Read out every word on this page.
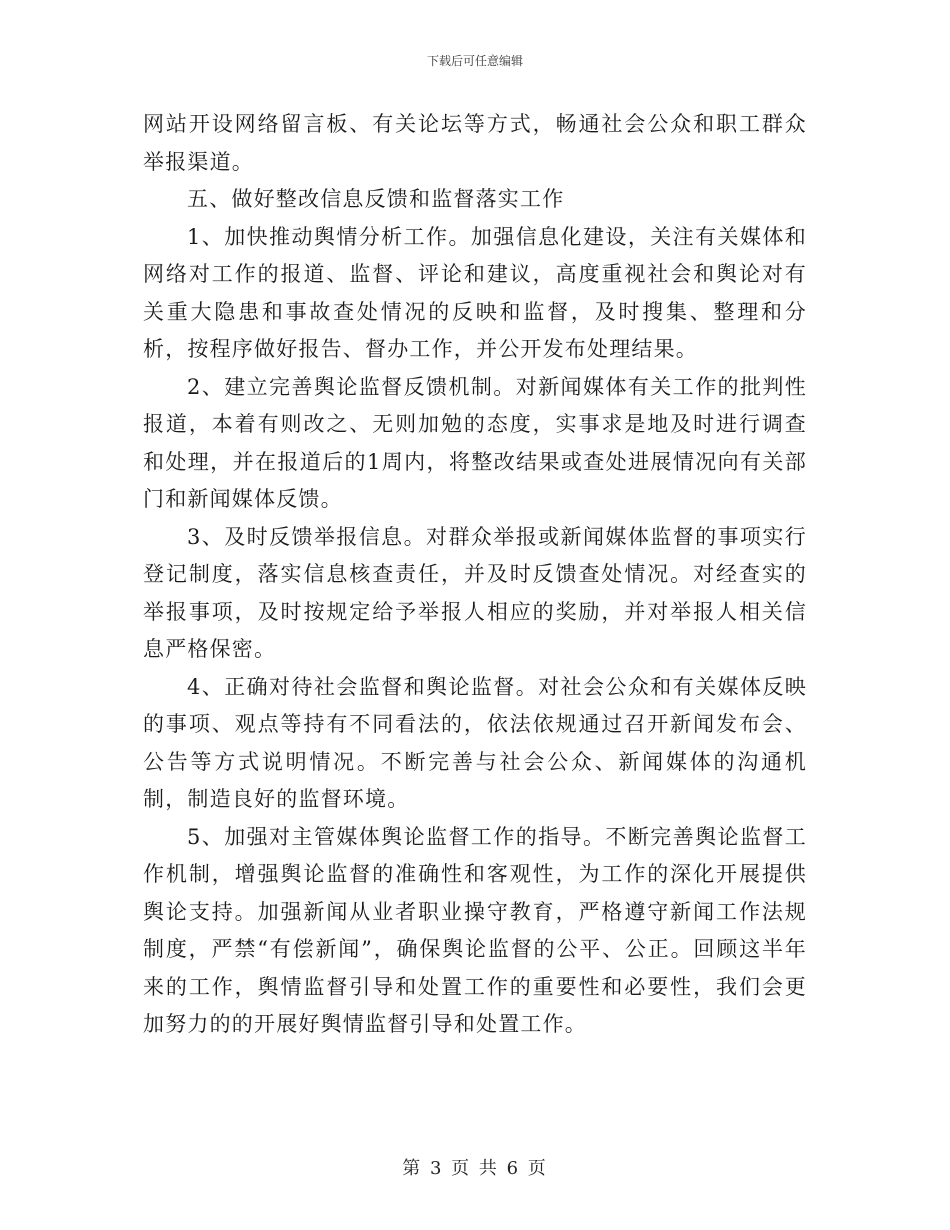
下载后可任意编辑

网站开设网络留言板、有关论坛等方式，畅通社会公众和职工群众举报渠道。

五、做好整改信息反馈和监督落实工作

1、加快推动舆情分析工作。加强信息化建设，关注有关媒体和网络对工作的报道、监督、评论和建议，高度重视社会和舆论对有关重大隐患和事故查处情况的反映和监督，及时搜集、整理和分析，按程序做好报告、督办工作，并公开发布处理结果。

2、建立完善舆论监督反馈机制。对新闻媒体有关工作的批判性报道，本着有则改之、无则加勉的态度，实事求是地及时进行调查和处理，并在报道后的1周内，将整改结果或查处进展情况向有关部门和新闻媒体反馈。

3、及时反馈举报信息。对群众举报或新闻媒体监督的事项实行登记制度，落实信息核查责任，并及时反馈查处情况。对经查实的举报事项，及时按规定给予举报人相应的奖励，并对举报人相关信息严格保密。

4、正确对待社会监督和舆论监督。对社会公众和有关媒体反映的事项、观点等持有不同看法的，依法依规通过召开新闻发布会、公告等方式说明情况。不断完善与社会公众、新闻媒体的沟通机制，制造良好的监督环境。

5、加强对主管媒体舆论监督工作的指导。不断完善舆论监督工作机制，增强舆论监督的准确性和客观性，为工作的深化开展提供舆论支持。加强新闻从业者职业操守教育，严格遵守新闻工作法规制度，严禁“有偿新闻”，确保舆论监督的公平、公正。回顾这半年来的工作，舆情监督引导和处置工作的重要性和必要性，我们会更加努力的的开展好舆情监督引导和处置工作。

第 3 页 共 6 页
